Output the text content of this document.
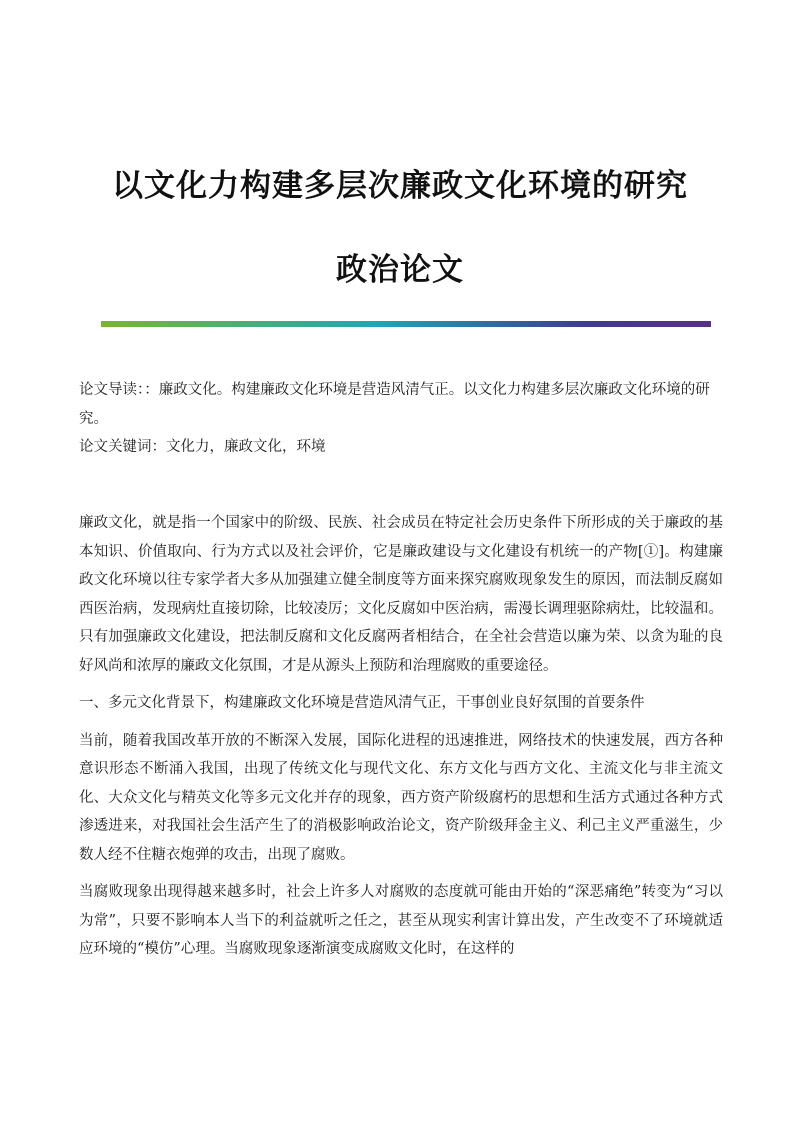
以文化力构建多层次廉政文化环境的研究
政治论文

论文导读：：廉政文化。构建廉政文化环境是营造风清气正。以文化力构建多层次廉政文化环境的研究。

论文关键词：文化力，廉政文化，环境

廉政文化，就是指一个国家中的阶级、民族、社会成员在特定社会历史条件下所形成的关于廉政的基本知识、价值取向、行为方式以及社会评价，它是廉政建设与文化建设有机统一的产物[①]。构建廉政文化环境以往专家学者大多从加强建立健全制度等方面来探究腐败现象发生的原因，而法制反腐如西医治病，发现病灶直接切除，比较凌厉；文化反腐如中医治病，需漫长调理驱除病灶，比较温和。只有加强廉政文化建设，把法制反腐和文化反腐两者相结合，在全社会营造以廉为荣、以贪为耻的良好风尚和浓厚的廉政文化氛围，才是从源头上预防和治理腐败的重要途径。

一、多元文化背景下，构建廉政文化环境是营造风清气正，干事创业良好氛围的首要条件

当前，随着我国改革开放的不断深入发展，国际化进程的迅速推进，网络技术的快速发展，西方各种意识形态不断涌入我国，出现了传统文化与现代文化、东方文化与西方文化、主流文化与非主流文化、大众文化与精英文化等多元文化并存的现象，西方资产阶级腐朽的思想和生活方式通过各种方式渗透进来，对我国社会生活产生了的消极影响政治论文，资产阶级拜金主义、利己主义严重滋生，少数人经不住糖衣炮弹的攻击，出现了腐败。

当腐败现象出现得越来越多时，社会上许多人对腐败的态度就可能由开始的“深恶痛绝”转变为“习以为常”，只要不影响本人当下的利益就听之任之，甚至从现实利害计算出发，产生改变不了环境就适应环境的“模仿”心理。当腐败现象逐渐演变成腐败文化时，在这样的
